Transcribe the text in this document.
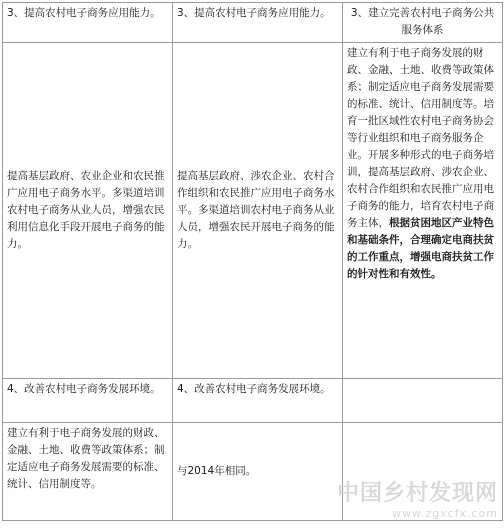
3、提高农村电子商务应用能力。	3、提高农村电子商务应用能力。	3、建立完善农村电子商务公共服务体系
提高基层政府、农业企业和农民推广应用电子商务水平。多渠道培训农村电子商务从业人员，增强农民利用信息化手段开展电子商务的能力。	提高基层政府、涉农企业、农村合作组织和农民推广应用电子商务水平。多渠道培训农村电子商务从业人员，增强农民开展电子商务的能力。	建立有利于电子商务发展的财政、金融、土地、收费等政策体系；制定适应电子商务发展需要的标准、统计、信用制度等。培育一批区域性农村电子商务协会等行业组织和电子商务服务企业。开展多种形式的电子商务培训，提高基层政府、涉农企业、农村合作组织和农民推广应用电子商务的能力，培育农村电子商务主体，根据贫困地区产业特色和基础条件，合理确定电商扶贫的工作重点，增强电商扶贫工作的针对性和有效性。
4、改善农村电子商务发展环境。	4、改善农村电子商务发展环境。	
建立有利于电子商务发展的财政、金融、土地、收费等政策体系；制定适应电子商务发展需要的标准、统计、信用制度等。	与2014年相同。	
中国乡村发现网
www.zgxcfx.com
